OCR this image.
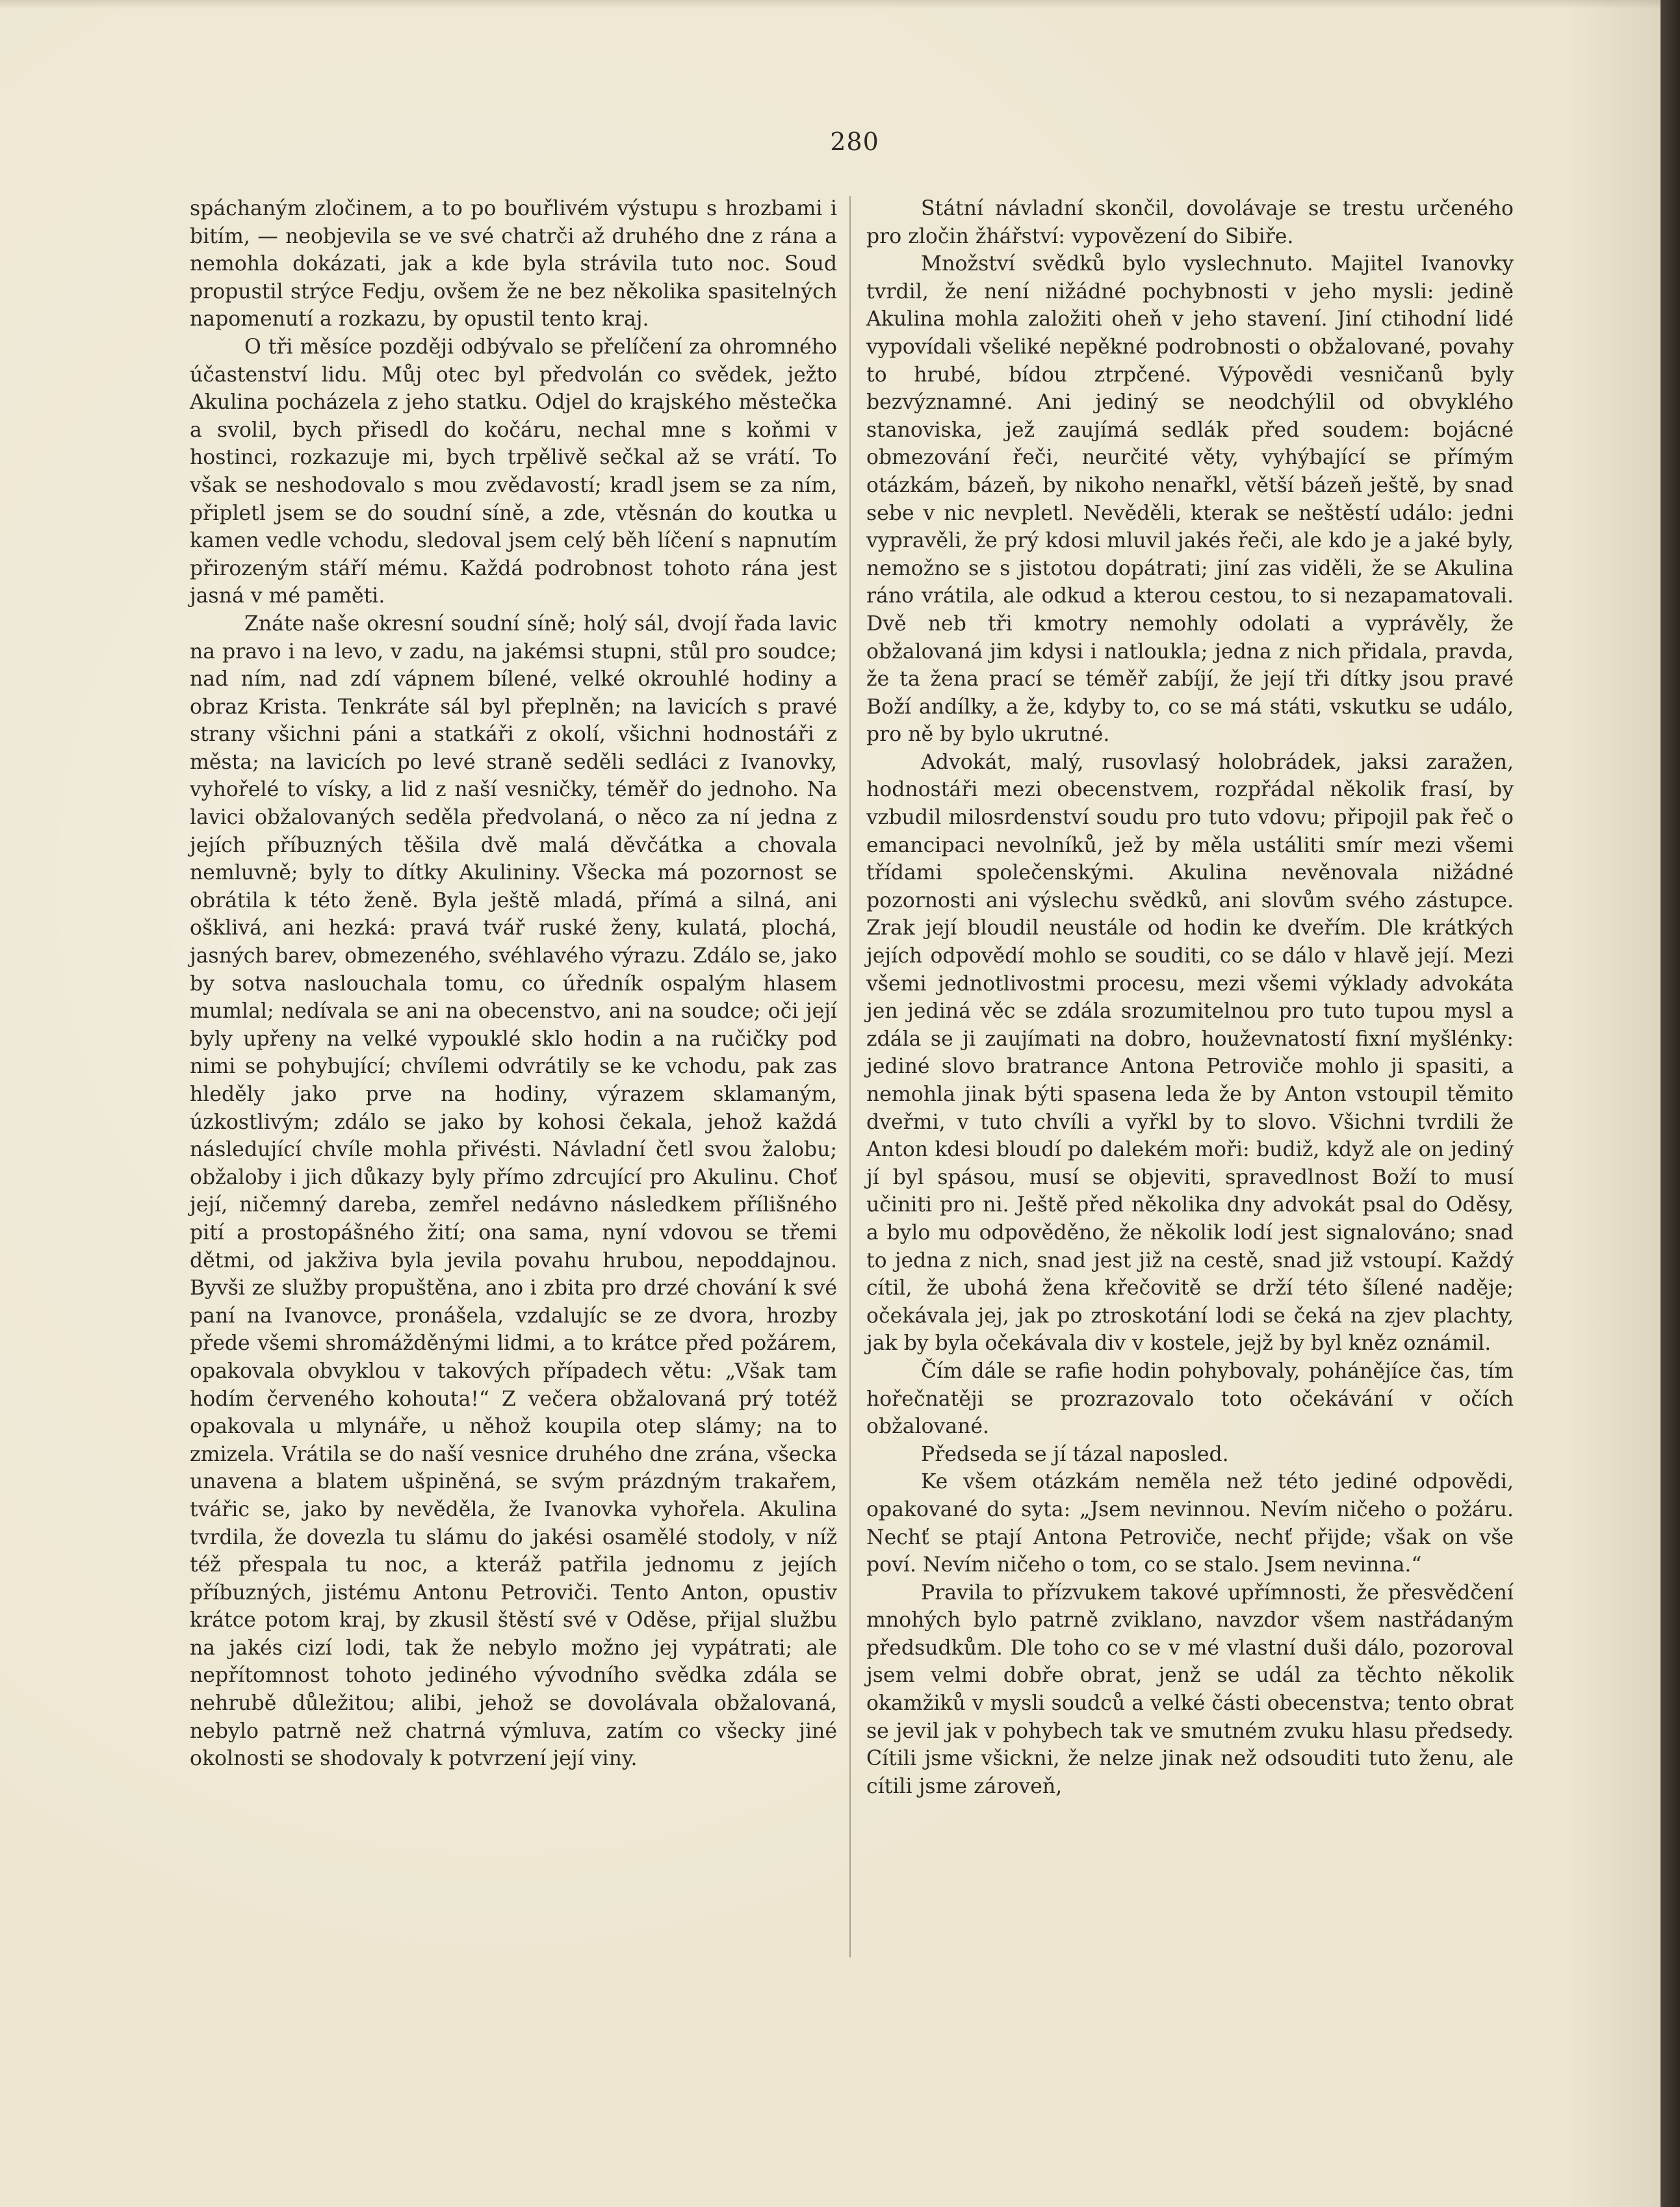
280

spáchaným zločinem, a to po bouřlivém výstupu s hrozbami i bitím, — neobjevila se ve své chatrči až druhého dne z rána a nemohla dokázati, jak a kde byla strávila tuto noc. Soud propustil strýce Fedju, ovšem že ne bez několika spasitelných napomenutí a rozkazu, by opustil tento kraj.

O tři měsíce později odbývalo se přelíčení za ohromného účastenství lidu. Můj otec byl předvolán co svědek, ježto Akulina pocházela z jeho statku. Odjel do krajského městečka a svolil, bych přisedl do kočáru, nechal mne s koňmi v hostinci, rozkazuje mi, bych trpělivě sečkal až se vrátí. To však se neshodovalo s mou zvědavostí; kradl jsem se za ním, připletl jsem se do soudní síně, a zde, vtěsnán do koutka u kamen vedle vchodu, sledoval jsem celý běh líčení s napnutím přirozeným stáří mému. Každá podrobnost tohoto rána jest jasná v mé paměti.

Znáte naše okresní soudní síně; holý sál, dvojí řada lavic na pravo i na levo, v zadu, na jakémsi stupni, stůl pro soudce; nad ním, nad zdí vápnem bílené, velké okrouhlé hodiny a obraz Krista. Tenkráte sál byl přeplněn; na lavicích s pravé strany všichni páni a statkáři z okolí, všichni hodnostáři z města; na lavicích po levé straně seděli sedláci z Ivanovky, vyhořelé to vísky, a lid z naší vesničky, téměř do jednoho. Na lavici obžalovaných seděla předvolaná, o něco za ní jedna z jejích příbuzných těšila dvě malá děvčátka a chovala nemluvně; byly to dítky Akulininy. Všecka má pozornost se obrátila k této ženě. Byla ještě mladá, přímá a silná, ani ošklivá, ani hezká: pravá tvář ruské ženy, kulatá, plochá, jasných barev, obmezeného, svéhlavého výrazu. Zdálo se, jako by sotva naslouchala tomu, co úředník ospalým hlasem mumlal; nedívala se ani na obecenstvo, ani na soudce; oči její byly upřeny na velké vypouklé sklo hodin a na ručičky pod nimi se pohybující; chvílemi odvrátily se ke vchodu, pak zas hleděly jako prve na hodiny, výrazem sklamaným, úzkostlivým; zdálo se jako by kohosi čekala, jehož každá následující chvíle mohla přivésti. Návladní četl svou žalobu; obžaloby i jich důkazy byly přímo zdrcující pro Akulinu. Choť její, ničemný dareba, zemřel nedávno následkem přílišného pití a prostopášného žití; ona sama, nyní vdovou se třemi dětmi, od jakživa byla jevila povahu hrubou, nepoddajnou. Byvši ze služby propuštěna, ano i zbita pro drzé chování k své paní na Ivanovce, pronášela, vzdalujíc se ze dvora, hrozby přede všemi shromážděnými lidmi, a to krátce před požárem, opakovala obvyklou v takových případech větu: „Však tam hodím červeného kohouta!“ Z večera obžalovaná prý totéž opakovala u mlynáře, u něhož koupila otep slámy; na to zmizela. Vrátila se do naší vesnice druhého dne zrána, všecka unavena a blatem ušpiněná, se svým prázdným trakařem, tvářic se, jako by nevěděla, že Ivanovka vyhořela. Akulina tvrdila, že dovezla tu slámu do jakési osamělé stodoly, v níž též přespala tu noc, a kteráž patřila jednomu z jejích příbuzných, jistému Antonu Petroviči. Tento Anton, opustiv krátce potom kraj, by zkusil štěstí své v Oděse, přijal službu na jakés cizí lodi, tak že nebylo možno jej vypátrati; ale nepřítomnost tohoto jediného vývodního svědka zdála se nehrubě důležitou; alibi, jehož se dovolávala obžalovaná, nebylo patrně než chatrná výmluva, zatím co všecky jiné okolnosti se shodovaly k potvrzení její viny.

Státní návladní skončil, dovolávaje se trestu určeného pro zločin žhářství: vypovězení do Sibiře.

Množství svědků bylo vyslechnuto. Majitel Ivanovky tvrdil, že není nižádné pochybnosti v jeho mysli: jedině Akulina mohla založiti oheň v jeho stavení. Jiní ctihodní lidé vypovídali všeliké nepěkné podrobnosti o obžalované, povahy to hrubé, bídou ztrpčené. Výpovědi vesničanů byly bezvýznamné. Ani jediný se neodchýlil od obvyklého stanoviska, jež zaujímá sedlák před soudem: bojácné obmezování řeči, neurčité věty, vyhýbající se přímým otázkám, bázeň, by nikoho nenařkl, větší bázeň ještě, by snad sebe v nic nevpletl. Nevěděli, kterak se neštěstí událo: jedni vypravěli, že prý kdosi mluvil jakés řeči, ale kdo je a jaké byly, nemožno se s jistotou dopátrati; jiní zas viděli, že se Akulina ráno vrátila, ale odkud a kterou cestou, to si nezapamatovali. Dvě neb tři kmotry nemohly odolati a vyprávěly, že obžalovaná jim kdysi i natloukla; jedna z nich přidala, pravda, že ta žena prací se téměř zabíjí, že její tři dítky jsou pravé Boží andílky, a že, kdyby to, co se má státi, vskutku se událo, pro ně by bylo ukrutné.

Advokát, malý, rusovlasý holobrádek, jaksi zaražen, hodnostáři mezi obecenstvem, rozpřádal několik frasí, by vzbudil milosrdenství soudu pro tuto vdovu; připojil pak řeč o emancipaci nevolníků, jež by měla ustáliti smír mezi všemi třídami společenskými. Akulina nevěnovala nižádné pozornosti ani výslechu svědků, ani slovům svého zástupce. Zrak její bloudil neustále od hodin ke dveřím. Dle krátkých jejích odpovědí mohlo se souditi, co se dálo v hlavě její. Mezi všemi jednotlivostmi procesu, mezi všemi výklady advokáta jen jediná věc se zdála srozumitelnou pro tuto tupou mysl a zdála se ji zaujímati na dobro, houževnatostí fixní myšlénky: jediné slovo bratrance Antona Petroviče mohlo ji spasiti, a nemohla jinak býti spasena leda že by Anton vstoupil těmito dveřmi, v tuto chvíli a vyřkl by to slovo. Všichni tvrdili že Anton kdesi bloudí po dalekém moři: budiž, když ale on jediný jí byl spásou, musí se objeviti, spravedlnost Boží to musí učiniti pro ni. Ještě před několika dny advokát psal do Oděsy, a bylo mu odpověděno, že několik lodí jest signalováno; snad to jedna z nich, snad jest již na cestě, snad již vstoupí. Každý cítil, že ubohá žena křečovitě se drží této šílené naděje; očekávala jej, jak po ztroskotání lodi se čeká na zjev plachty, jak by byla očekávala div v kostele, jejž by byl kněz oznámil.

Čím dále se rafie hodin pohybovaly, pohánějíce čas, tím hořečnatěji se prozrazovalo toto očekávání v očích obžalované.

Předseda se jí tázal naposled.

Ke všem otázkám neměla než této jediné odpovědi, opakované do syta: „Jsem nevinnou. Nevím ničeho o požáru. Nechť se ptají Antona Petroviče, nechť přijde; však on vše poví. Nevím ničeho o tom, co se stalo. Jsem nevinna.“

Pravila to přízvukem takové upřímnosti, že přesvědčení mnohých bylo patrně zviklano, navzdor všem nastřádaným předsudkům. Dle toho co se v mé vlastní duši dálo, pozoroval jsem velmi dobře obrat, jenž se udál za těchto několik okamžiků v mysli soudců a velké části obecenstva; tento obrat se jevil jak v pohybech tak ve smutném zvuku hlasu předsedy. Cítili jsme všickni, že nelze jinak než odsouditi tuto ženu, ale cítili jsme zároveň,
